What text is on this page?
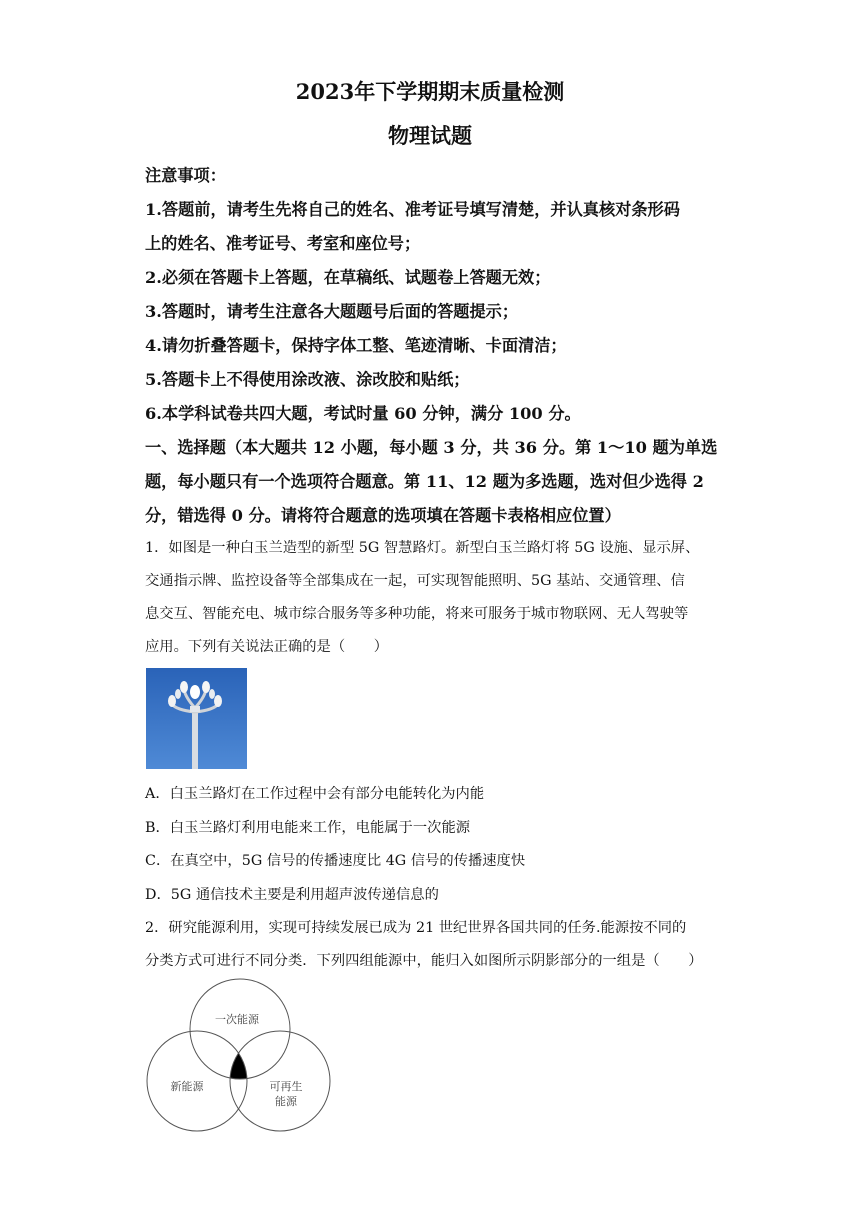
2023年下学期期末质量检测
物理试题
注意事项：
1.答题前，请考生先将自己的姓名、准考证号填写清楚，并认真核对条形码
上的姓名、准考证号、考室和座位号；
2.必须在答题卡上答题，在草稿纸、试题卷上答题无效；
3.答题时，请考生注意各大题题号后面的答题提示；
4.请勿折叠答题卡，保持字体工整、笔迹清晰、卡面清洁；
5.答题卡上不得使用涂改液、涂改胶和贴纸；
6.本学科试卷共四大题，考试时量 60 分钟，满分 100 分。
一、选择题（本大题共 12 小题，每小题 3 分，共 36 分。第 1～10 题为单选
题，每小题只有一个选项符合题意。第 11、12 题为多选题，选对但少选得 2
分，错选得 0 分。请将符合题意的选项填在答题卡表格相应位置）
1．如图是一种白玉兰造型的新型 5G 智慧路灯。新型白玉兰路灯将 5G 设施、显示屏、
交通指示牌、监控设备等全部集成在一起，可实现智能照明、5G 基站、交通管理、信
息交互、智能充电、城市综合服务等多种功能，将来可服务于城市物联网、无人驾驶等
应用。下列有关说法正确的是（　　）
A．白玉兰路灯在工作过程中会有部分电能转化为内能
B．白玉兰路灯利用电能来工作，电能属于一次能源
C．在真空中，5G 信号的传播速度比 4G 信号的传播速度快
D．5G 通信技术主要是利用超声波传递信息的
2．研究能源利用，实现可持续发展已成为 21 世纪世界各国共同的任务.能源按不同的
分类方式可进行不同分类．下列四组能源中，能归入如图所示阴影部分的一组是（　　）
一次能源
新能源	可再生
能源
